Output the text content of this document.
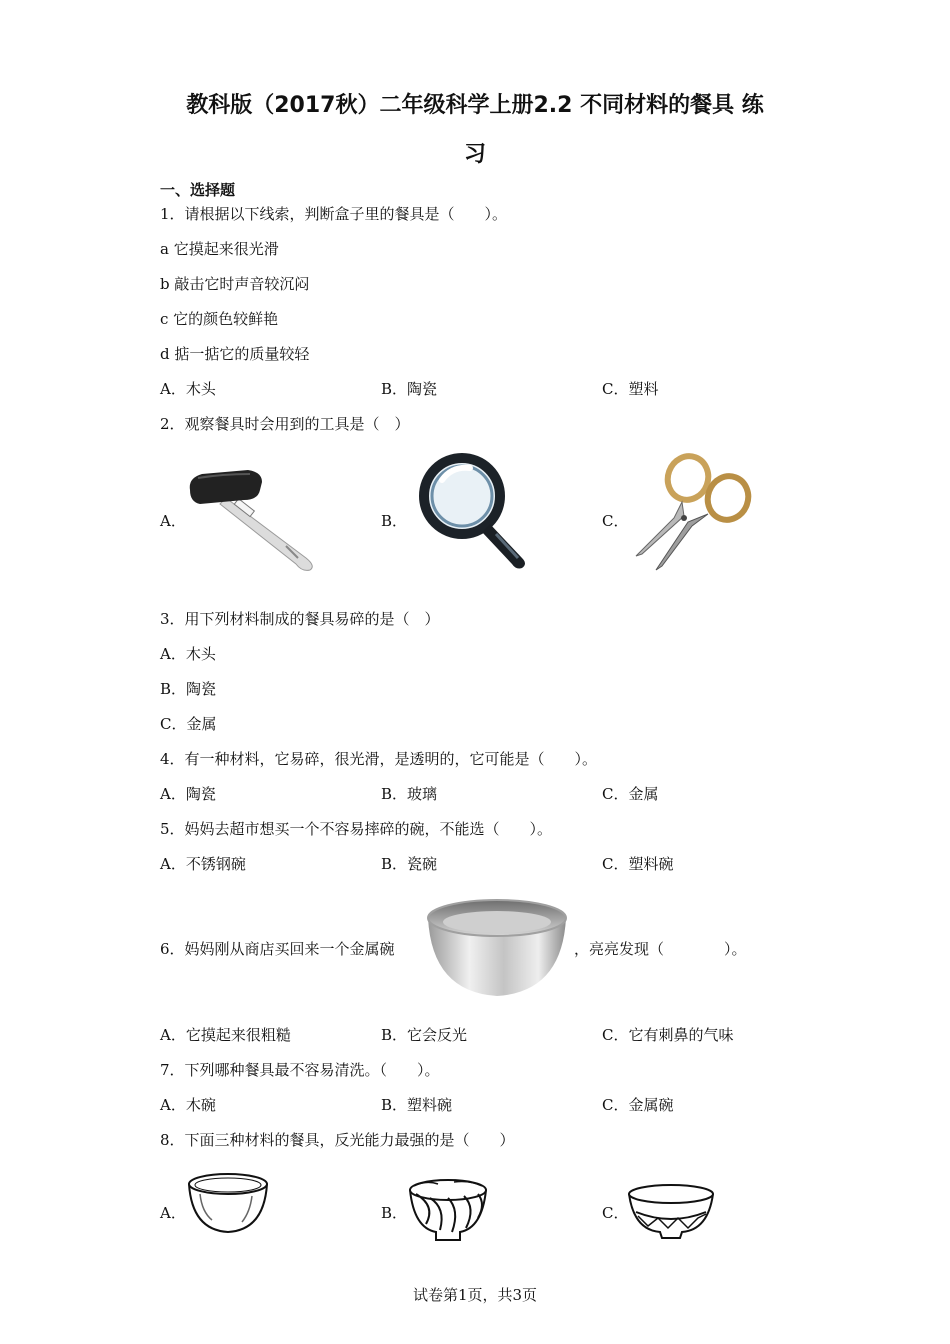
教科版（2017秋）二年级科学上册2.2 不同材料的餐具 练
习
一、选择题
1．请根据以下线索，判断盒子里的餐具是（　　）。
a 它摸起来很光滑
b 敲击它时声音较沉闷
c 它的颜色较鲜艳
d 掂一掂它的质量较轻
A．木头	B．陶瓷	C．塑料
2．观察餐具时会用到的工具是（　）
A．	B．	C．
3．用下列材料制成的餐具易碎的是（　）
A．木头
B．陶瓷
C．金属
4．有一种材料，它易碎，很光滑，是透明的，它可能是（　　）。
A．陶瓷	B．玻璃	C．金属
5．妈妈去超市想买一个不容易摔碎的碗，不能选（　　）。
A．不锈钢碗	B．瓷碗	C．塑料碗
6．妈妈刚从商店买回来一个金属碗	，亮亮发现（　　　　）。
A．它摸起来很粗糙	B．它会反光	C．它有刺鼻的气味
7．下列哪种餐具最不容易清洗。（　　）。
A．木碗	B．塑料碗	C．金属碗
8．下面三种材料的餐具，反光能力最强的是（　　）
A．	B．	C．
试卷第1页，共3页
